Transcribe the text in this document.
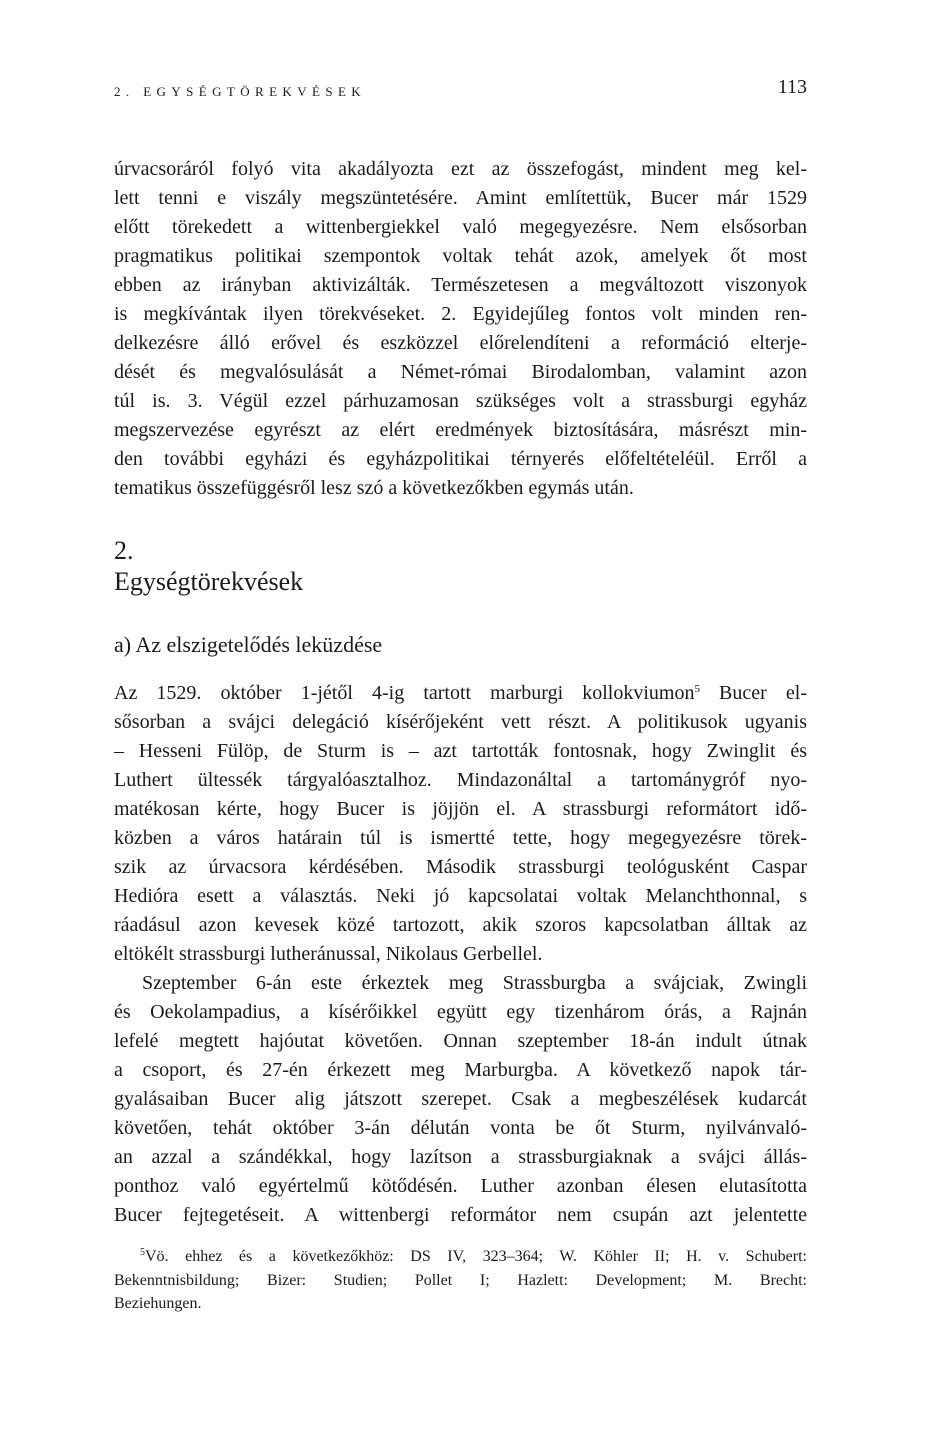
2. EGYSÉGTÖREKVÉSEK	113
úrvacsoráról folyó vita akadályozta ezt az összefogást, mindent meg kel-
lett tenni e viszály megszüntetésére. Amint említettük, Bucer már 1529
előtt törekedett a wittenbergiekkel való megegyezésre. Nem elsősorban
pragmatikus politikai szempontok voltak tehát azok, amelyek őt most
ebben az irányban aktivizálták. Természetesen a megváltozott viszonyok
is megkívántak ilyen törekvéseket. 2. Egyidejűleg fontos volt minden ren-
delkezésre álló erővel és eszközzel előrelendíteni a reformáció elterje-
dését és megvalósulását a Német-római Birodalomban, valamint azon
túl is. 3. Végül ezzel párhuzamosan szükséges volt a strassburgi egyház
megszervezése egyrészt az elért eredmények biztosítására, másrészt min-
den további egyházi és egyházpolitikai térnyerés előfeltételéül. Erről a
tematikus összefüggésről lesz szó a következőkben egymás után.
2.
Egységtörekvések
a) Az elszigetelődés leküzdése
Az 1529. október 1-jétől 4-ig tartott marburgi kollokviumon$^5$ Bucer el-
sősorban a svájci delegáció kísérőjeként vett részt. A politikusok ugyanis
– Hesseni Fülöp, de Sturm is – azt tartották fontosnak, hogy Zwinglit és
Luthert ültessék tárgyalóasztalhoz. Mindazonáltal a tartománygróf nyo-
matékosan kérte, hogy Bucer is jöjjön el. A strassburgi reformátort idő-
közben a város határain túl is ismertté tette, hogy megegyezésre törek-
szik az úrvacsora kérdésében. Második strassburgi teológusként Caspar
Hedióra esett a választás. Neki jó kapcsolatai voltak Melanchthonnal, s
ráadásul azon kevesek közé tartozott, akik szoros kapcsolatban álltak az
eltökélt strassburgi lutheránussal, Nikolaus Gerbellel.
Szeptember 6-án este érkeztek meg Strassburgba a svájciak, Zwingli
és Oekolampadius, a kísérőikkel együtt egy tizenhárom órás, a Rajnán
lefelé megtett hajóutat követően. Onnan szeptember 18-án indult útnak
a csoport, és 27-én érkezett meg Marburgba. A következő napok tár-
gyalásaiban Bucer alig játszott szerepet. Csak a megbeszélések kudarcát
követően, tehát október 3-án délután vonta be őt Sturm, nyilvánvaló-
an azzal a szándékkal, hogy lazítson a strassburgiaknak a svájci állás-
ponthoz való egyértelmű kötődésén. Luther azonban élesen elutasította
Bucer fejtegetéseit. A wittenbergi reformátor nem csupán azt jelentette
$^5$Vö. ehhez és a következőkhöz: DS IV, 323–364; W. Köhler II; H. v. Schubert:
Bekenntnisbildung; Bizer: Studien; Pollet I; Hazlett: Development; M. Brecht:
Beziehungen.
